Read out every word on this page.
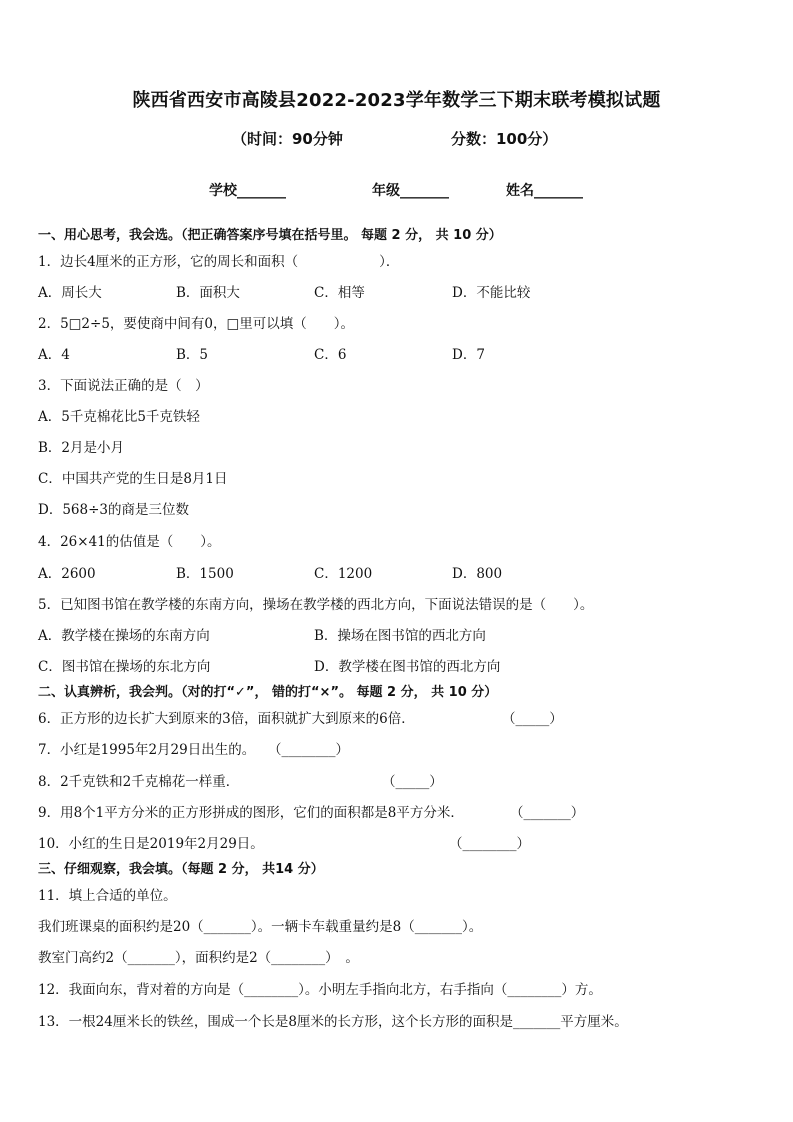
陕西省西安市高陵县2022-2023学年数学三下期末联考模拟试题
（时间：90分钟	分数：100分）
学校_______	年级_______	姓名_______
一、用心思考，我会选。（把正确答案序号填在括号里。 每题 2 分， 共 10 分）
1．边长4厘米的正方形，它的周长和面积（　　　　　　）．
A．周长大	B．面积大	C．相等	D．不能比较
2．5□2÷5，要使商中间有0，□里可以填（　　）。
A．4	B．5	C．6	D．7
3．下面说法正确的是（　）
A．5千克棉花比5千克铁轻
B．2月是小月
C．中国共产党的生日是8月1日
D．568÷3的商是三位数
4．26×41的估值是（　　）。
A．2600	B．1500	C．1200	D．800
5．已知图书馆在教学楼的东南方向，操场在教学楼的西北方向，下面说法错误的是（　　）。
A．教学楼在操场的东南方向	B．操场在图书馆的西北方向
C．图书馆在操场的东北方向	D．教学楼在图书馆的西北方向
二、认真辨析，我会判。（对的打“✓”， 错的打“×”。 每题 2 分， 共 10 分）
6．正方形的边长扩大到原来的3倍，面积就扩大到原来的6倍．	（_____）
7．小红是1995年2月29日出生的。 （________）
8．2千克铁和2千克棉花一样重．	（_____）
9．用8个1平方分米的正方形拼成的图形，它们的面积都是8平方分米．	（_______）
10．小红的生日是2019年2月29日。	（________）
三、仔细观察，我会填。（每题 2 分， 共14 分）
11．填上合适的单位。
我们班课桌的面积约是20（_______）。一辆卡车载重量约是8（_______）。
教室门高约2（_______），面积约是2（________）　。
12．我面向东，背对着的方向是（________）。小明左手指向北方，右手指向（________）方。
13．一根24厘米长的铁丝，围成一个长是8厘米的长方形，这个长方形的面积是_______平方厘米。
